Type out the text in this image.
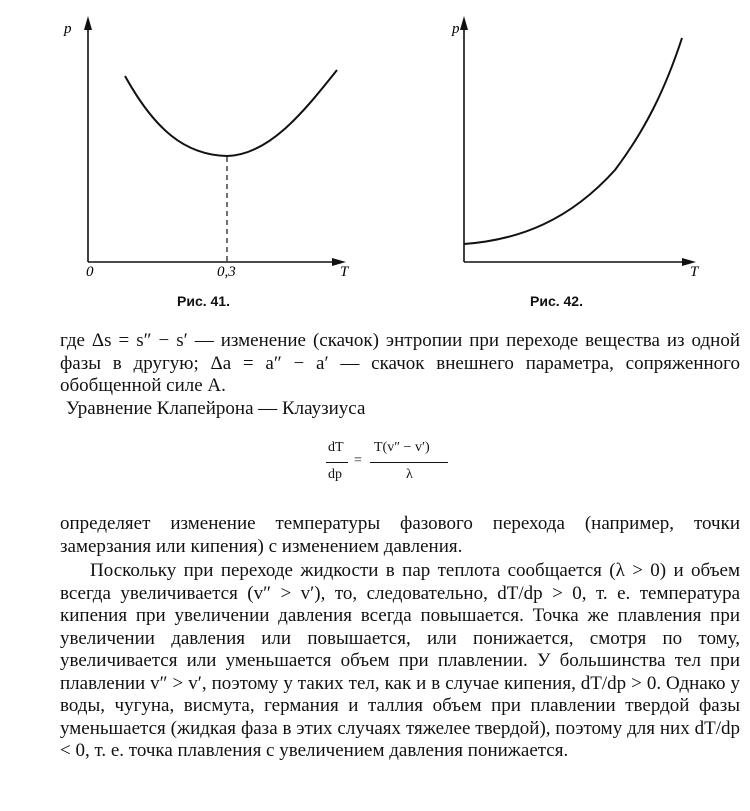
p
T
0	0,3
Рис. 41.
p
T
Рис. 42.

где Δs = s″ − s′ — изменение (скачок) энтропии при переходе вещества из одной фазы в другую; Δa = a″ − a′ — скачок внешнего параметра, сопряженного обобщенной силе A.

Уравнение Клапейрона — Клаузиуса
dT
dp
=
T(v″ − v′)
λ

определяет изменение температуры фазового перехода (например, точки замерзания или кипения) с изменением давления.

Поскольку при переходе жидкости в пар теплота сообщается (λ > 0) и объем всегда увеличивается (v″ > v′), то, следовательно, dT/dp > 0, т. е. температура кипения при увеличении давления всегда повышается. Точка же плавления при увеличении давления или повышается, или понижается, смотря по тому, увеличивается или уменьшается объем при плавлении. У большинства тел при плавлении v″ > v′, поэтому у таких тел, как и в случае кипения, dT/dp > 0. Однако у воды, чугуна, висмута, германия и таллия объем при плавлении твердой фазы уменьшается (жидкая фаза в этих случаях тяжелее твердой), поэтому для них dT/dp < 0, т. е. точка плавления с увеличением давления понижается.
